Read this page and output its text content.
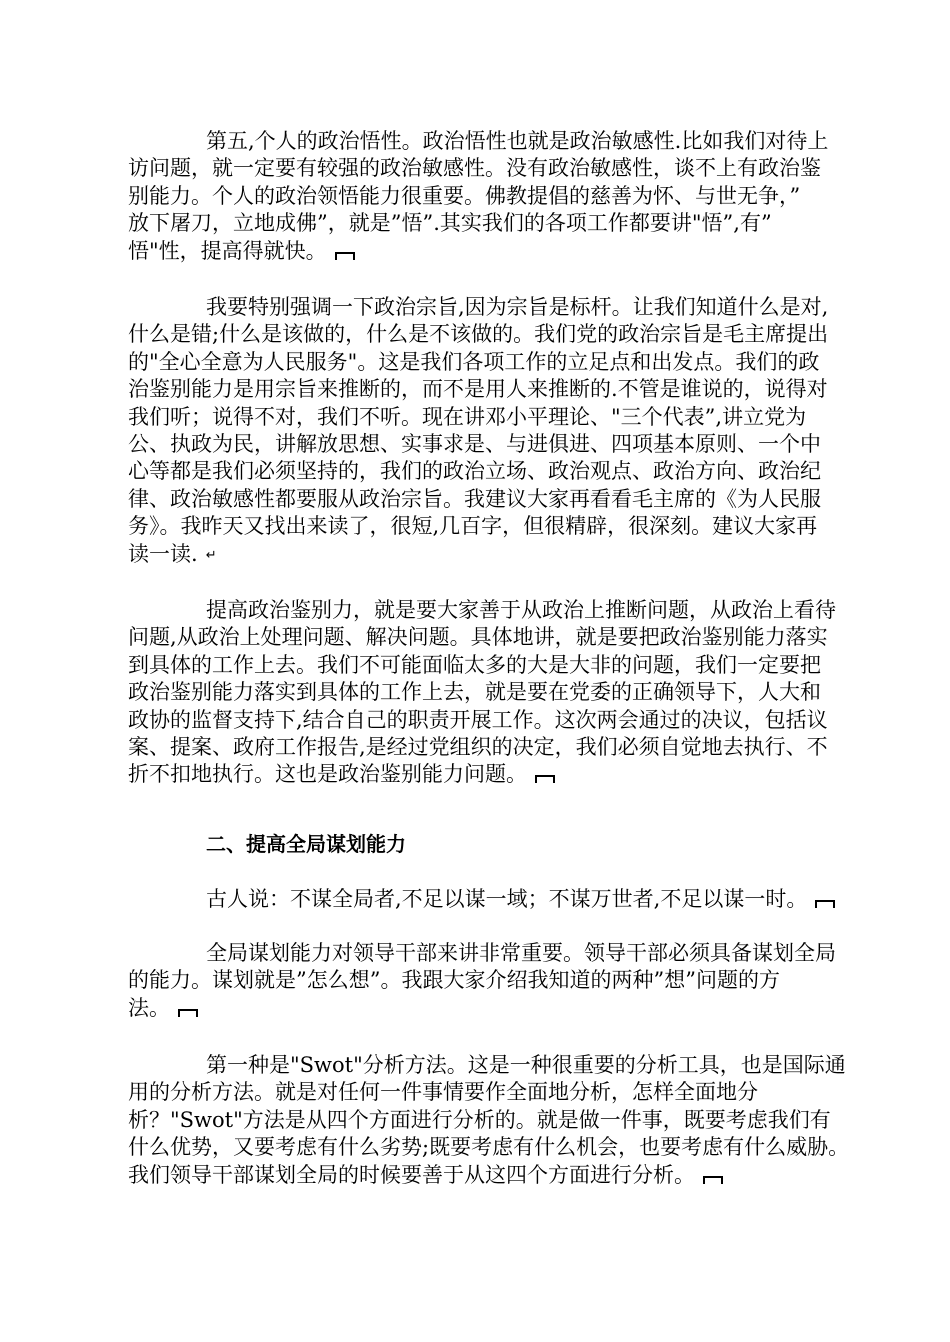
第五,个人的政治悟性。政治悟性也就是政治敏感性.比如我们对待上
访问题，就一定要有较强的政治敏感性。没有政治敏感性，谈不上有政治鉴
别能力。个人的政治领悟能力很重要。佛教提倡的慈善为怀、与世无争，”
放下屠刀，立地成佛”，就是”悟”.其实我们的各项工作都要讲"悟”,有”
悟"性，提高得就快。

我要特别强调一下政治宗旨,因为宗旨是标杆。让我们知道什么是对,
什么是错;什么是该做的，什么是不该做的。我们党的政治宗旨是毛主席提出
的"全心全意为人民服务"。这是我们各项工作的立足点和出发点。我们的政
治鉴别能力是用宗旨来推断的，而不是用人来推断的.不管是谁说的，说得对
我们听；说得不对，我们不听。现在讲邓小平理论、"三个代表”,讲立党为
公、执政为民，讲解放思想、实事求是、与进俱进、四项基本原则、一个中
心等都是我们必须坚持的，我们的政治立场、政治观点、政治方向、政治纪
律、政治敏感性都要服从政治宗旨。我建议大家再看看毛主席的《为人民服
务》。我昨天又找出来读了，很短,几百字，但很精辟，很深刻。建议大家再
读一读. ↵

提高政治鉴别力，就是要大家善于从政治上推断问题，从政治上看待
问题,从政治上处理问题、解决问题。具体地讲，就是要把政治鉴别能力落实
到具体的工作上去。我们不可能面临太多的大是大非的问题，我们一定要把
政治鉴别能力落实到具体的工作上去，就是要在党委的正确领导下，人大和
政协的监督支持下,结合自己的职责开展工作。这次两会通过的决议，包括议
案、提案、政府工作报告,是经过党组织的决定，我们必须自觉地去执行、不
折不扣地执行。这也是政治鉴别能力问题。

二、提高全局谋划能力

古人说：不谋全局者,不足以谋一域；不谋万世者,不足以谋一时。

全局谋划能力对领导干部来讲非常重要。领导干部必须具备谋划全局
的能力。谋划就是”怎么想”。我跟大家介绍我知道的两种”想”问题的方
法。

第一种是"Swot"分析方法。这是一种很重要的分析工具，也是国际通
用的分析方法。就是对任何一件事情要作全面地分析，怎样全面地分
析？"Swot"方法是从四个方面进行分析的。就是做一件事，既要考虑我们有
什么优势，又要考虑有什么劣势;既要考虑有什么机会，也要考虑有什么威胁。
我们领导干部谋划全局的时候要善于从这四个方面进行分析。
